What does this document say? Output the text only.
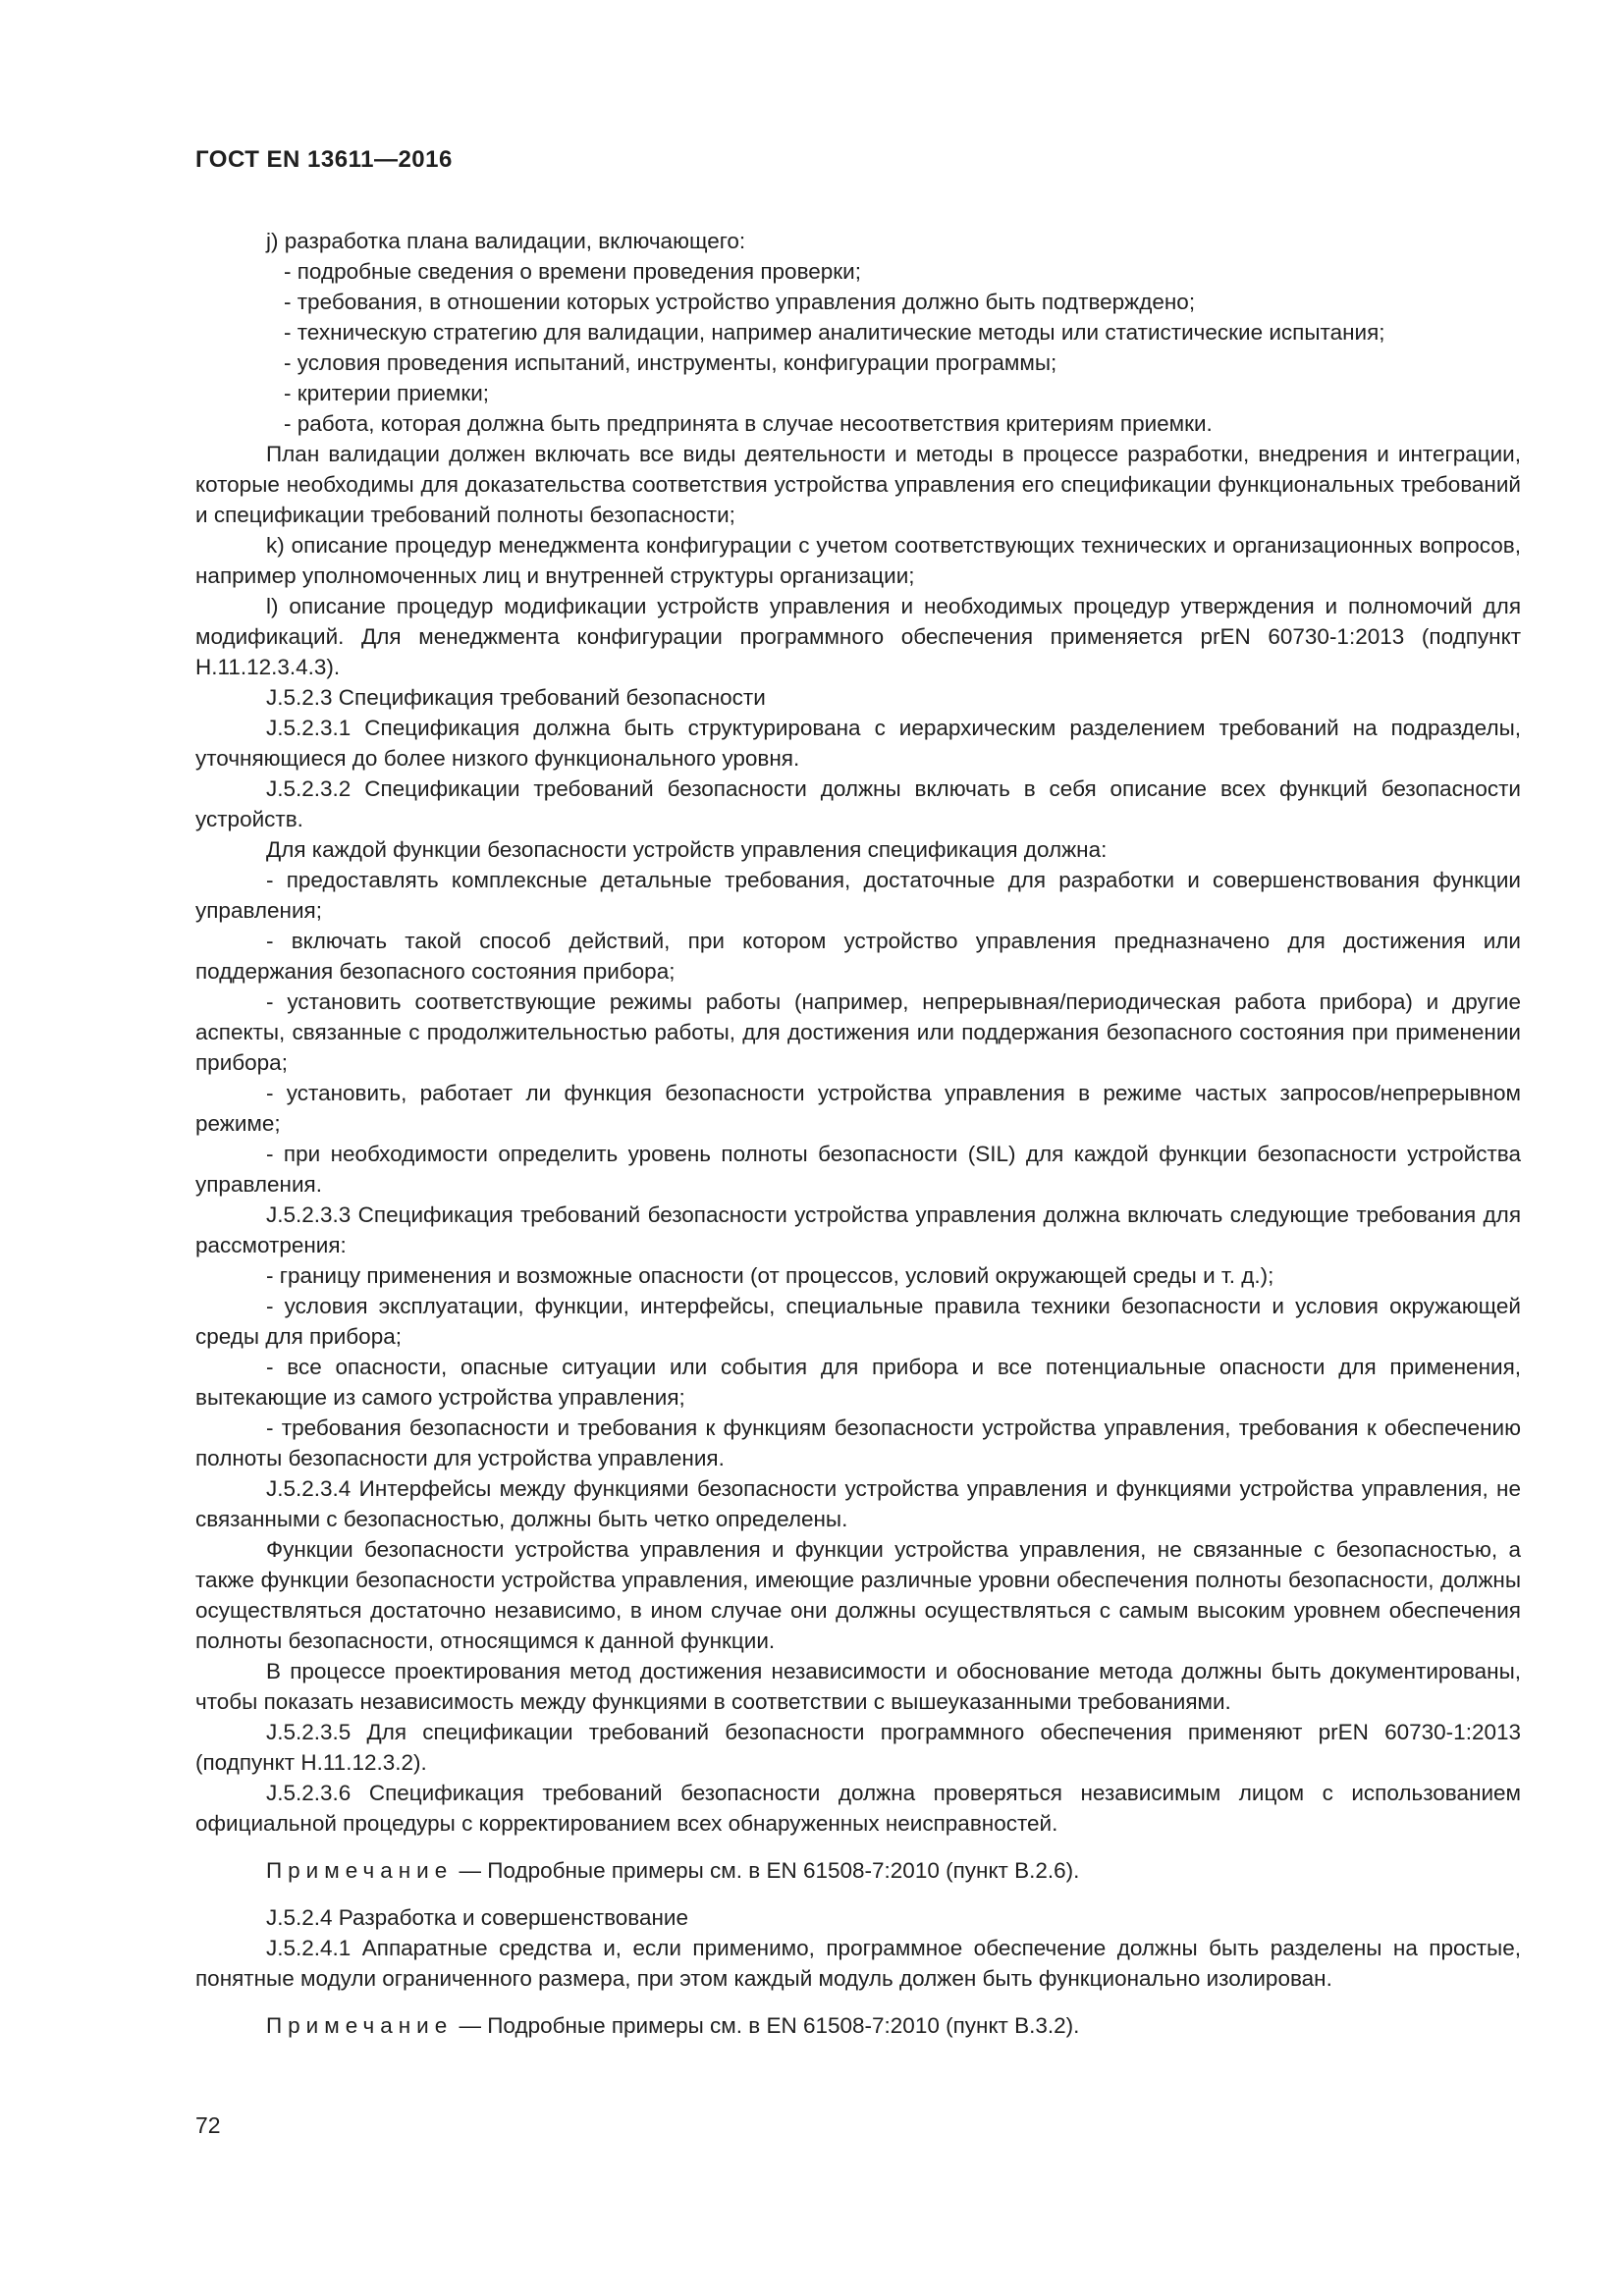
ГОСТ EN 13611—2016

j) разработка плана валидации, включающего:

- подробные сведения о времени проведения проверки;

- требования, в отношении которых устройство управления должно быть подтверждено;

- техническую стратегию для валидации, например аналитические методы или статистические испытания;

- условия проведения испытаний, инструменты, конфигурации программы;

- критерии приемки;

- работа, которая должна быть предпринята в случае несоответствия критериям приемки.

План валидации должен включать все виды деятельности и методы в процессе разработки, внедрения и интеграции, которые необходимы для доказательства соответствия устройства управления его спецификации функциональных требований и спецификации требований полноты безопасности;

k) описание процедур менеджмента конфигурации с учетом соответствующих технических и организационных вопросов, например уполномоченных лиц и внутренней структуры организации;

l) описание процедур модификации устройств управления и необходимых процедур утверждения и полномочий для модификаций. Для менеджмента конфигурации программного обеспечения применяется prEN 60730-1:2013 (подпункт H.11.12.3.4.3).

J.5.2.3 Спецификация требований безопасности

J.5.2.3.1 Спецификация должна быть структурирована с иерархическим разделением требований на подразделы, уточняющиеся до более низкого функционального уровня.

J.5.2.3.2 Спецификации требований безопасности должны включать в себя описание всех функций безопасности устройств.

Для каждой функции безопасности устройств управления спецификация должна:

- предоставлять комплексные детальные требования, достаточные для разработки и совершенствования функции управления;

- включать такой способ действий, при котором устройство управления предназначено для достижения или поддержания безопасного состояния прибора;

- установить соответствующие режимы работы (например, непрерывная/периодическая работа прибора) и другие аспекты, связанные с продолжительностью работы, для достижения или поддержания безопасного состояния при применении прибора;

- установить, работает ли функция безопасности устройства управления в режиме частых запросов/непрерывном режиме;

- при необходимости определить уровень полноты безопасности (SIL) для каждой функции безопасности устройства управления.

J.5.2.3.3 Спецификация требований безопасности устройства управления должна включать следующие требования для рассмотрения:

- границу применения и возможные опасности (от процессов, условий окружающей среды и т. д.);

- условия эксплуатации, функции, интерфейсы, специальные правила техники безопасности и условия окружающей среды для прибора;

- все опасности, опасные ситуации или события для прибора и все потенциальные опасности для применения, вытекающие из самого устройства управления;

- требования безопасности и требования к функциям безопасности устройства управления, требования к обеспечению полноты безопасности для устройства управления.

J.5.2.3.4 Интерфейсы между функциями безопасности устройства управления и функциями устройства управления, не связанными с безопасностью, должны быть четко определены.

Функции безопасности устройства управления и функции устройства управления, не связанные с безопасностью, а также функции безопасности устройства управления, имеющие различные уровни обеспечения полноты безопасности, должны осуществляться достаточно независимо, в ином случае они должны осуществляться с самым высоким уровнем обеспечения полноты безопасности, относящимся к данной функции.

В процессе проектирования метод достижения независимости и обоснование метода должны быть документированы, чтобы показать независимость между функциями в соответствии с вышеуказанными требованиями.

J.5.2.3.5 Для спецификации требований безопасности программного обеспечения применяют prEN 60730-1:2013 (подпункт H.11.12.3.2).

J.5.2.3.6 Спецификация требований безопасности должна проверяться независимым лицом с использованием официальной процедуры с корректированием всех обнаруженных неисправностей.

Примечание — Подробные примеры см. в EN 61508-7:2010 (пункт B.2.6).

J.5.2.4 Разработка и совершенствование

J.5.2.4.1 Аппаратные средства и, если применимо, программное обеспечение должны быть разделены на простые, понятные модули ограниченного размера, при этом каждый модуль должен быть функционально изолирован.

Примечание — Подробные примеры см. в EN 61508-7:2010 (пункт B.3.2).

72
